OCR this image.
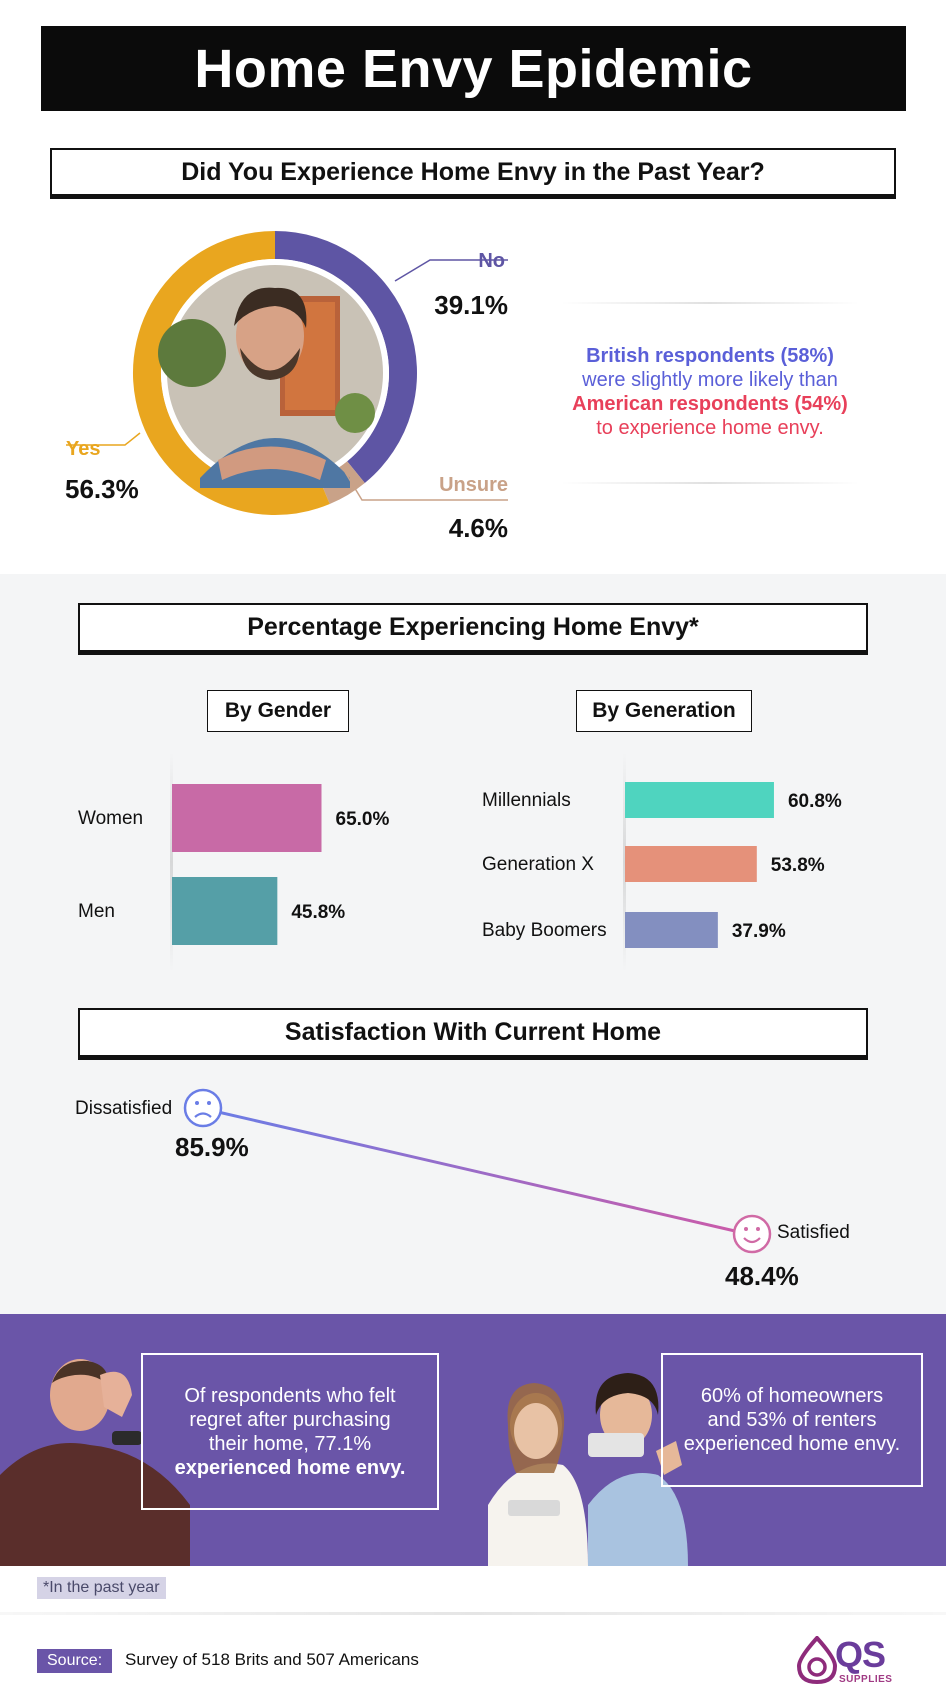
Home Envy Epidemic
Did You Experience Home Envy in the Past Year?
No
39.1%
Yes
56.3%	Unsure
4.6%
British respondents (58%)
were slightly more likely than
American respondents (54%)
to experience home envy.
Percentage Experiencing Home Envy*
By Gender	By Generation
Women	65.0%
Men	45.8%
Millennials	60.8%
Generation X	53.8%
Baby Boomers	37.9%
Satisfaction With Current Home
Dissatisfied
85.9%
Satisfied
48.4%
Of respondents who felt
regret after purchasing
their home, 77.1%
experienced home envy.
60% of homeowners
and 53% of renters
experienced home envy.
*In the past year
Source:	Survey of 518 Brits and 507 Americans	QS
SUPPLIES
